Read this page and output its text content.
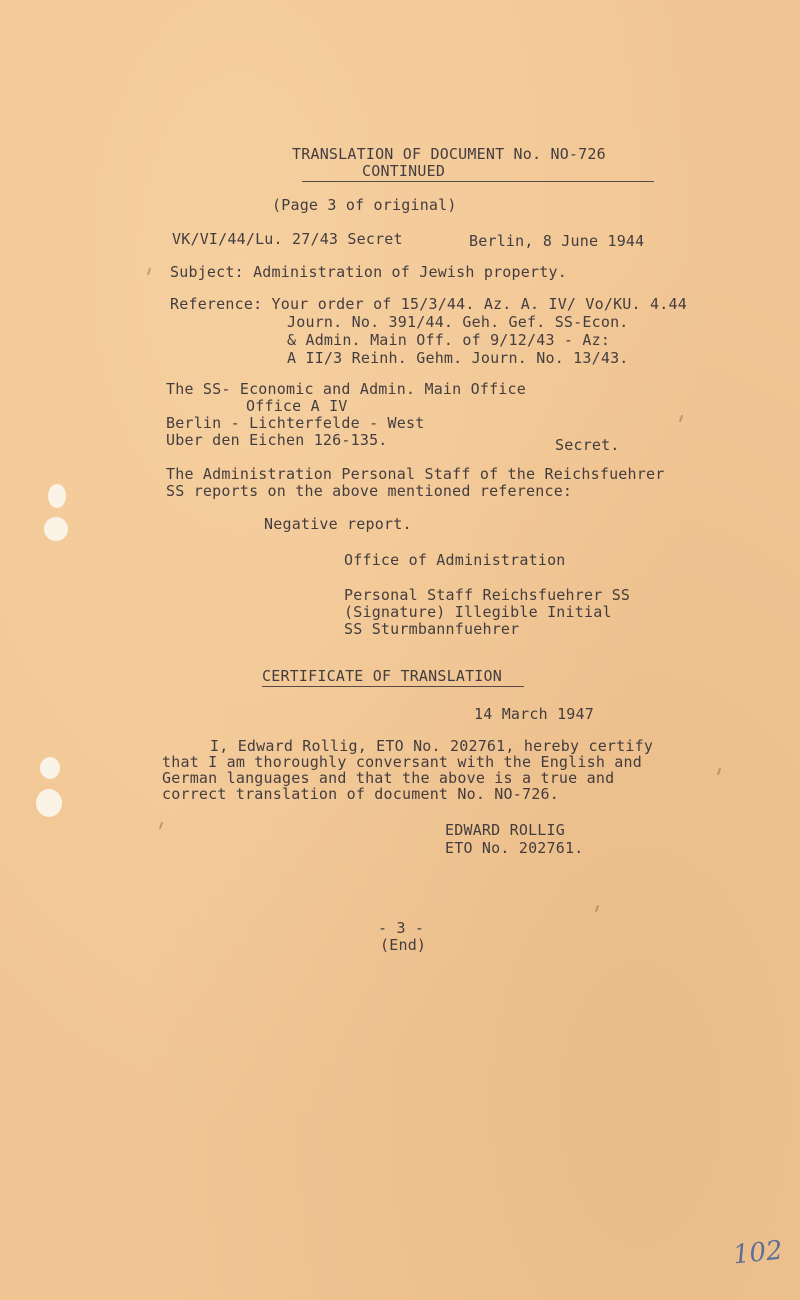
TRANSLATION OF DOCUMENT No. NO-726
CONTINUED
(Page 3 of original)
VK/VI/44/Lu. 27/43 Secret	Berlin, 8 June 1944
Subject: Administration of Jewish property.
Reference: Your order of 15/3/44. Az. A. IV/ Vo/KU. 4.44
Journ. No. 391/44. Geh. Gef. SS-Econ.
& Admin. Main Off. of 9/12/43 - Az:
A II/3 Reinh. Gehm. Journ. No. 13/43.
The SS- Economic and Admin. Main Office
Office A IV
Berlin - Lichterfelde - West
Uber den Eichen 126-135.	Secret.
The Administration Personal Staff of the Reichsfuehrer
SS reports on the above mentioned reference:
Negative report.
Office of Administration
Personal Staff Reichsfuehrer SS
(Signature) Illegible Initial
SS Sturmbannfuehrer
CERTIFICATE OF TRANSLATION
14 March 1947
I, Edward Rollig, ETO No. 202761, hereby certify
that I am thoroughly conversant with the English and
German languages and that the above is a true and
correct translation of document No. NO-726.
EDWARD ROLLIG
ETO No. 202761.
- 3 -
(End)
102
